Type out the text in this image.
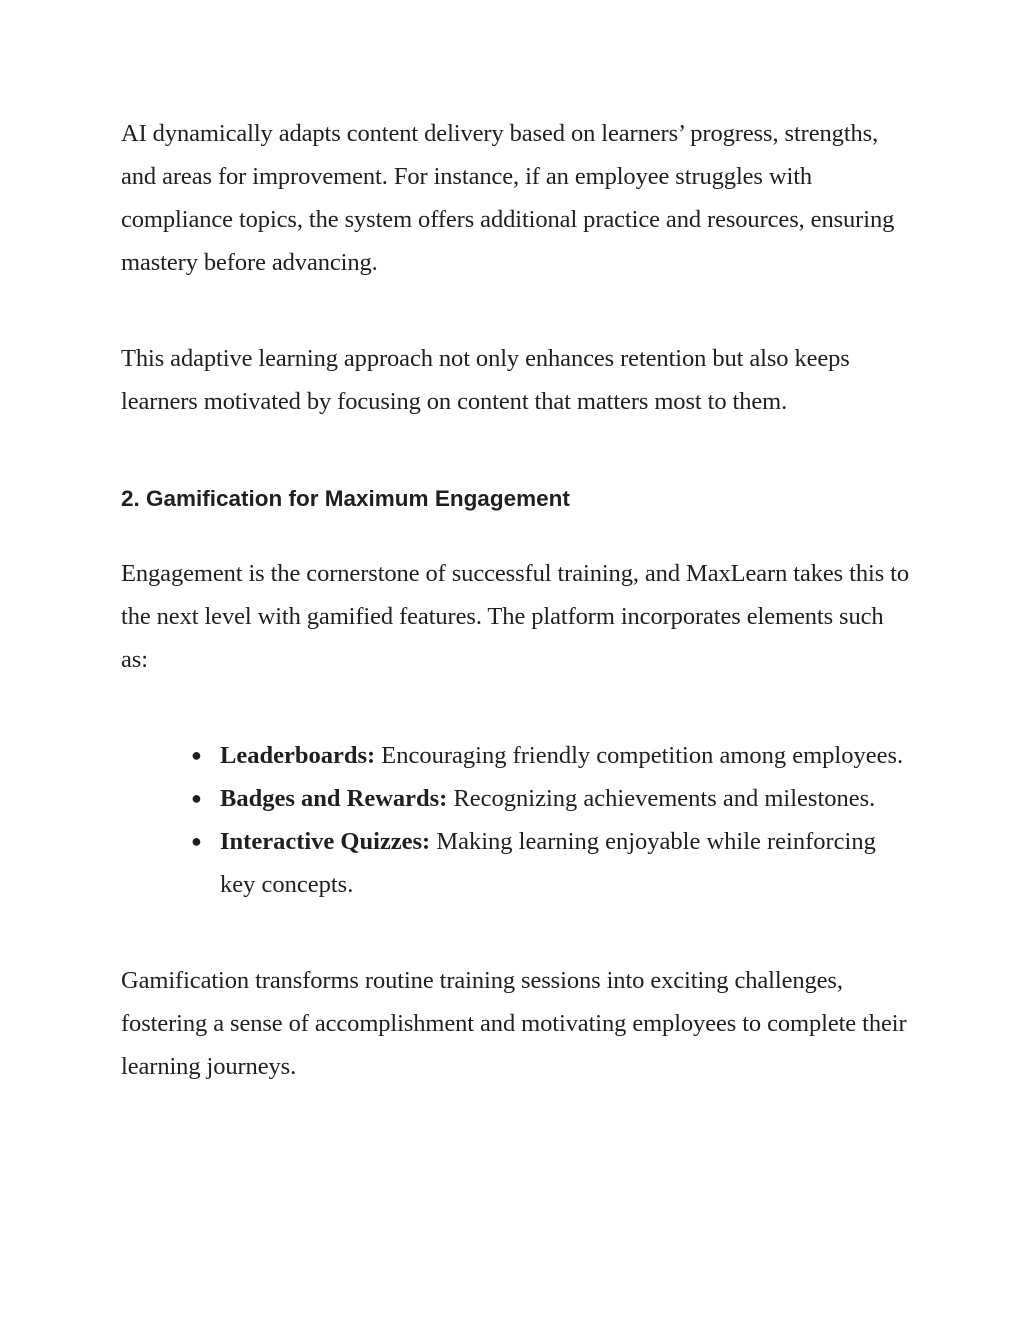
AI dynamically adapts content delivery based on learners’ progress, strengths, and areas for improvement. For instance, if an employee struggles with compliance topics, the system offers additional practice and resources, ensuring mastery before advancing.

This adaptive learning approach not only enhances retention but also keeps learners motivated by focusing on content that matters most to them.

2. Gamification for Maximum Engagement

Engagement is the cornerstone of successful training, and MaxLearn takes this to the next level with gamified features. The platform incorporates elements such as:

● Leaderboards: Encouraging friendly competition among employees.
● Badges and Rewards: Recognizing achievements and milestones.
● Interactive Quizzes: Making learning enjoyable while reinforcing key concepts.

Gamification transforms routine training sessions into exciting challenges, fostering a sense of accomplishment and motivating employees to complete their learning journeys.
